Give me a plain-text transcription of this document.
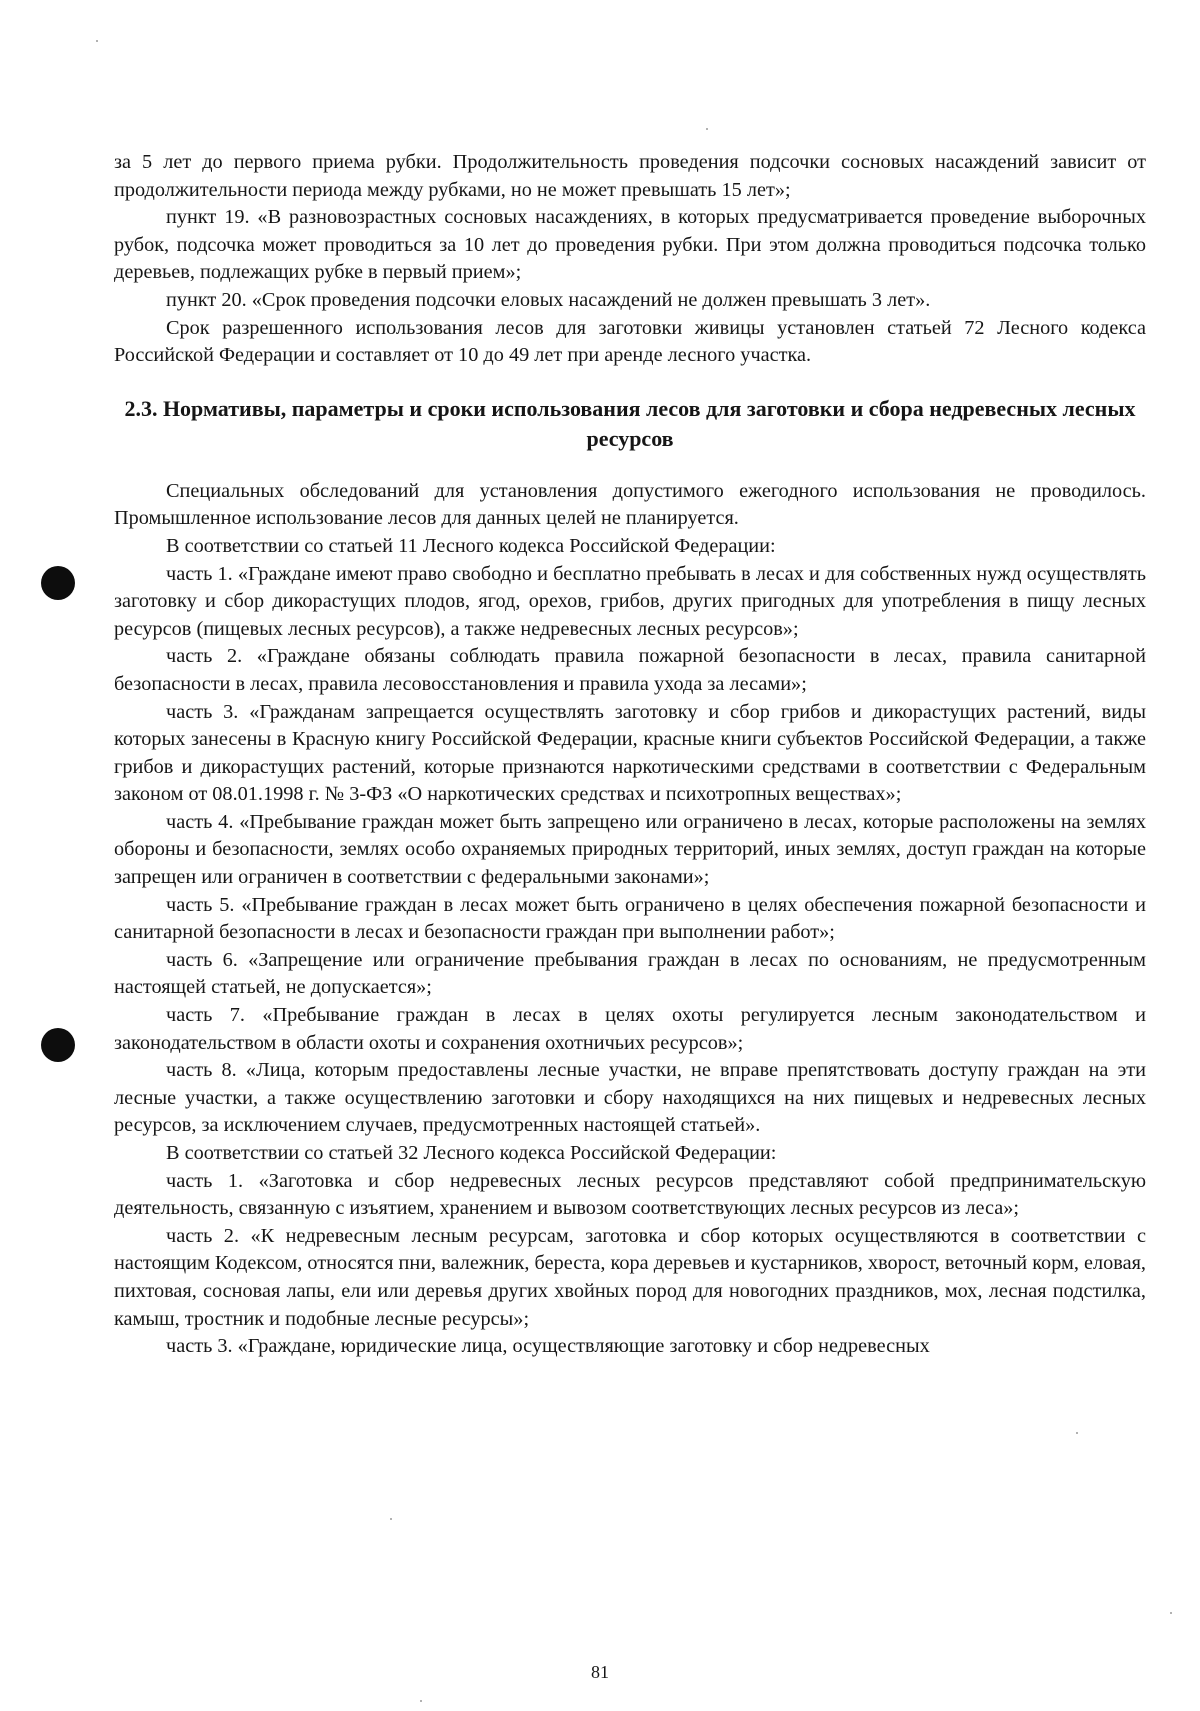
за 5 лет до первого приема рубки. Продолжительность проведения подсочки сосновых насаждений зависит от продолжительности периода между рубками, но не может превышать 15 лет»;

пункт 19. «В разновозрастных сосновых насаждениях, в которых предусматривается проведение выборочных рубок, подсочка может проводиться за 10 лет до проведения рубки. При этом должна проводиться подсочка только деревьев, подлежащих рубке в первый прием»;

пункт 20. «Срок проведения подсочки еловых насаждений не должен превышать 3 лет».

Срок разрешенного использования лесов для заготовки живицы установлен статьей 72 Лесного кодекса Российской Федерации и составляет от 10 до 49 лет при аренде лесного участка.

2.3. Нормативы, параметры и сроки использования лесов для заготовки и сбора недревесных лесных ресурсов

Специальных обследований для установления допустимого ежегодного использования не проводилось. Промышленное использование лесов для данных целей не планируется.

В соответствии со статьей 11 Лесного кодекса Российской Федерации:

часть 1. «Граждане имеют право свободно и бесплатно пребывать в лесах и для собственных нужд осуществлять заготовку и сбор дикорастущих плодов, ягод, орехов, грибов, других пригодных для употребления в пищу лесных ресурсов (пищевых лесных ресурсов), а также недревесных лесных ресурсов»;

часть 2. «Граждане обязаны соблюдать правила пожарной безопасности в лесах, правила санитарной безопасности в лесах, правила лесовосстановления и правила ухода за лесами»;

часть 3. «Гражданам запрещается осуществлять заготовку и сбор грибов и дикорастущих растений, виды которых занесены в Красную книгу Российской Федерации, красные книги субъектов Российской Федерации, а также грибов и дикорастущих растений, которые признаются наркотическими средствами в соответствии с Федеральным законом от 08.01.1998 г. № 3-ФЗ «О наркотических средствах и психотропных веществах»;

часть 4. «Пребывание граждан может быть запрещено или ограничено в лесах, которые расположены на землях обороны и безопасности, землях особо охраняемых природных территорий, иных землях, доступ граждан на которые запрещен или ограничен в соответствии с федеральными законами»;

часть 5. «Пребывание граждан в лесах может быть ограничено в целях обеспечения пожарной безопасности и санитарной безопасности в лесах и безопасности граждан при выполнении работ»;

часть 6. «Запрещение или ограничение пребывания граждан в лесах по основаниям, не предусмотренным настоящей статьей, не допускается»;

часть 7. «Пребывание граждан в лесах в целях охоты регулируется лесным законодательством и законодательством в области охоты и сохранения охотничьих ресурсов»;

часть 8. «Лица, которым предоставлены лесные участки, не вправе препятствовать доступу граждан на эти лесные участки, а также осуществлению заготовки и сбору находящихся на них пищевых и недревесных лесных ресурсов, за исключением случаев, предусмотренных настоящей статьей».

В соответствии со статьей 32 Лесного кодекса Российской Федерации:

часть 1. «Заготовка и сбор недревесных лесных ресурсов представляют собой предпринимательскую деятельность, связанную с изъятием, хранением и вывозом соответствующих лесных ресурсов из леса»;

часть 2. «К недревесным лесным ресурсам, заготовка и сбор которых осуществляются в соответствии с настоящим Кодексом, относятся пни, валежник, береста, кора деревьев и кустарников, хворост, веточный корм, еловая, пихтовая, сосновая лапы, ели или деревья других хвойных пород для новогодних праздников, мох, лесная подстилка, камыш, тростник и подобные лесные ресурсы»;

часть 3. «Граждане, юридические лица, осуществляющие заготовку и сбор недревесных

81
